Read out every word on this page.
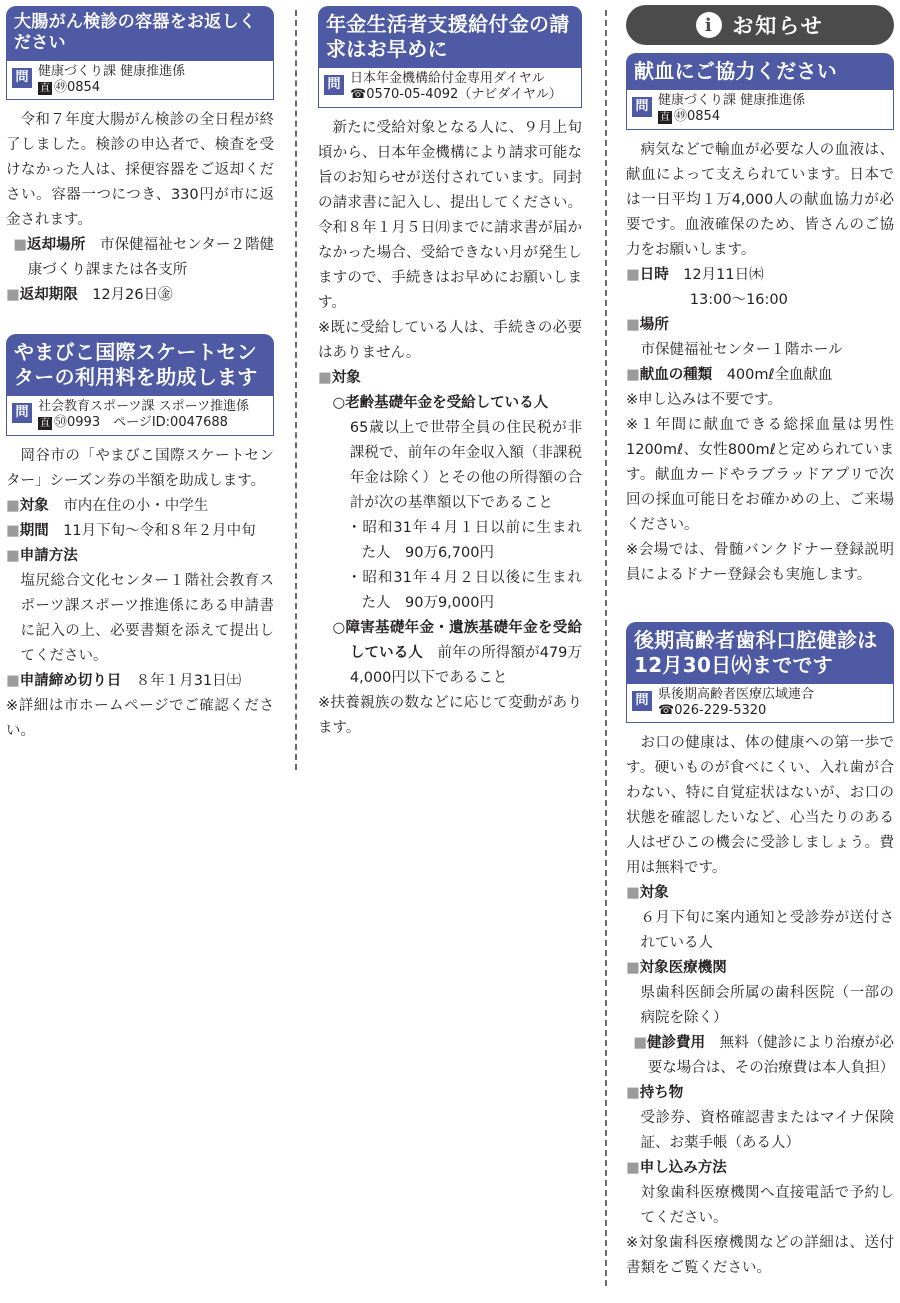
大腸がん検診の容器をお返しください
問 健康づくり課 健康推進係
直 ㊾0854

令和７年度大腸がん検診の全日程が終了しました。検診の申込者で、検査を受けなかった人は、採便容器をご返却ください。容器一つにつき、330円が市に返金されます。

■返却場所　 市保健福祉センター２階健康づくり課または各支所

■返却期限　 12月26日㊎

やまびこ国際スケートセンターの利用料を助成します
問 社会教育スポーツ課 スポーツ推進係
直 ㊿0993　ページID:0047688

岡谷市の「やまびこ国際スケートセンター」シーズン券の半額を助成します。

■対象　 市内在住の小・中学生

■期間　 11月下旬～令和８年２月中旬

■申請方法

塩尻総合文化センター１階社会教育スポーツ課スポーツ推進係にある申請書に記入の上、必要書類を添えて提出してください。

■申請締め切り日　 ８年１月31日㈯

※詳細は市ホームページでご確認ください。

年金生活者支援給付金の請求はお早めに
問 日本年金機構給付金専用ダイヤル
☎0570-05-4092（ナビダイヤル）

新たに受給対象となる人に、９月上旬頃から、日本年金機構により請求可能な旨のお知らせが送付されています。同封の請求書に記入し、提出してください。令和８年１月５日㈪までに請求書が届かなかった場合、受給できない月が発生しますので、手続きはお早めにお願いします。

※既に受給している人は、手続きの必要はありません。

■対象

○老齢基礎年金を受給している人

65歳以上で世帯全員の住民税が非課税で、前年の年金収入額（非課税年金は除く）とその他の所得額の合計が次の基準額以下であること

・昭和31年４月１日以前に生まれた人　90万6,700円

・昭和31年４月２日以後に生まれた人　90万9,000円

○障害基礎年金・遺族基礎年金を受給している人　 前年の所得額が479万4,000円以下であること

※扶養親族の数などに応じて変動があります。

i お知らせ
献血にご協力ください
問 健康づくり課 健康推進係
直 ㊾0854

病気などで輸血が必要な人の血液は、献血によって支えられています。日本では一日平均１万4,000人の献血協力が必要です。血液確保のため、皆さんのご協力をお願いします。

■日時　 12月11日㈭

13:00～16:00

■場所

市保健福祉センター１階ホール

■献血の種類　 400mℓ全血献血

※申し込みは不要です。

※１年間に献血できる総採血量は男性1200mℓ、女性800mℓと定められています。献血カードやラブラッドアプリで次回の採血可能日をお確かめの上、ご来場ください。

※会場では、骨髄バンクドナー登録説明員によるドナー登録会も実施します。

後期高齢者歯科口腔健診は12月30日㈫までです
問 県後期高齢者医療広域連合
☎026-229-5320

お口の健康は、体の健康への第一歩です。硬いものが食べにくい、入れ歯が合わない、特に自覚症状はないが、お口の状態を確認したいなど、心当たりのある人はぜひこの機会に受診しましょう。費用は無料です。

■対象

６月下旬に案内通知と受診券が送付されている人

■対象医療機関

県歯科医師会所属の歯科医院（一部の病院を除く）

■健診費用　 無料（健診により治療が必要な場合は、その治療費は本人負担）

■持ち物

受診券、資格確認書またはマイナ保険証、お薬手帳（ある人）

■申し込み方法

対象歯科医療機関へ直接電話で予約してください。

※対象歯科医療機関などの詳細は、送付書類をご覧ください。
